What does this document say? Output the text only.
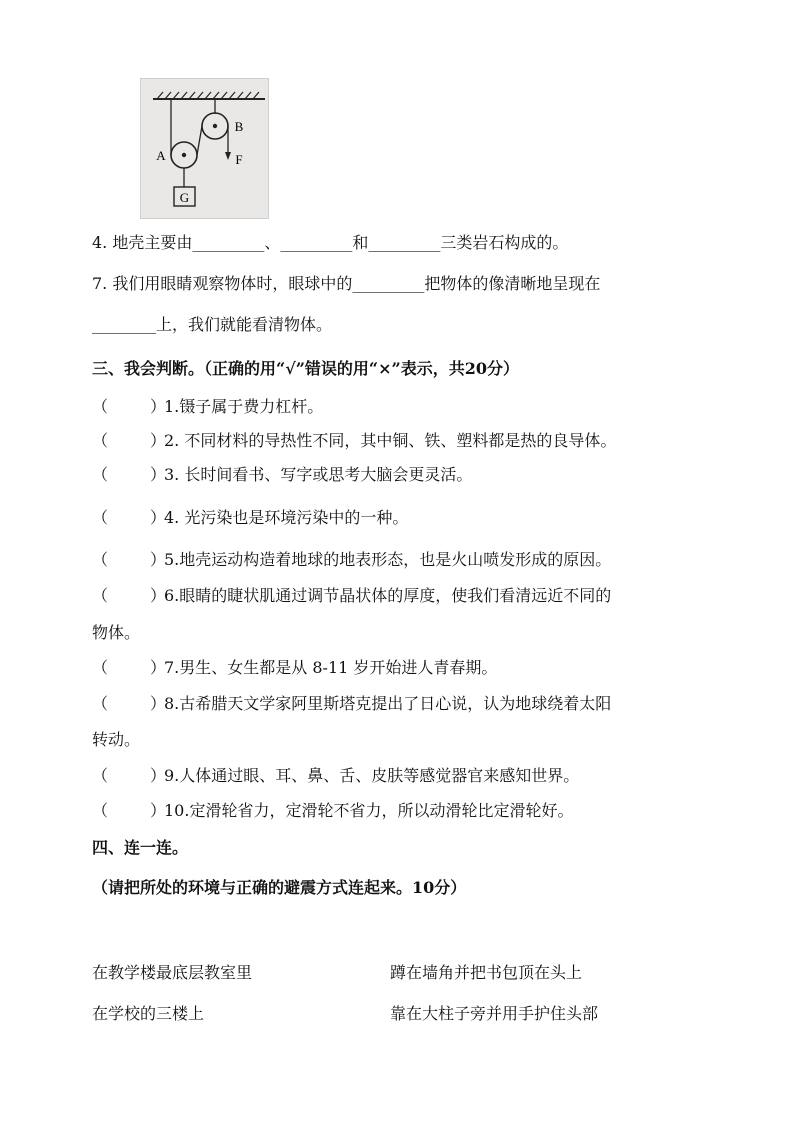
G
A
B
F
4. 地壳主要由_________、_________和_________三类岩石构成的。
7. 我们用眼睛观察物体时，眼球中的_________把物体的像清晰地呈现在
________上，我们就能看清物体。
三、我会判断。（正确的用“√”错误的用“×”表示，共20分）
（	）1.镊子属于费力杠杆。
（	）2. 不同材料的导热性不同，其中铜、铁、塑料都是热的良导体。
（	）3. 长时间看书、写字或思考大脑会更灵活。
（	）4. 光污染也是环境污染中的一种。
（	）5.地壳运动构造着地球的地表形态，也是火山喷发形成的原因。
（	）6.眼睛的睫状肌通过调节晶状体的厚度，使我们看清远近不同的
物体。
（	）7.男生、女生都是从 8-11 岁开始进人青春期。
（	）8.古希腊天文学家阿里斯塔克提出了日心说，认为地球绕着太阳
转动。
（	）9.人体通过眼、耳、鼻、舌、皮肤等感觉器官来感知世界。
（	）10.定滑轮省力，定滑轮不省力，所以动滑轮比定滑轮好。
四、连一连。
（请把所处的环境与正确的避震方式连起来。10分）
在教学楼最底层教室里	蹲在墙角并把书包顶在头上
在学校的三楼上	靠在大柱子旁并用手护住头部
